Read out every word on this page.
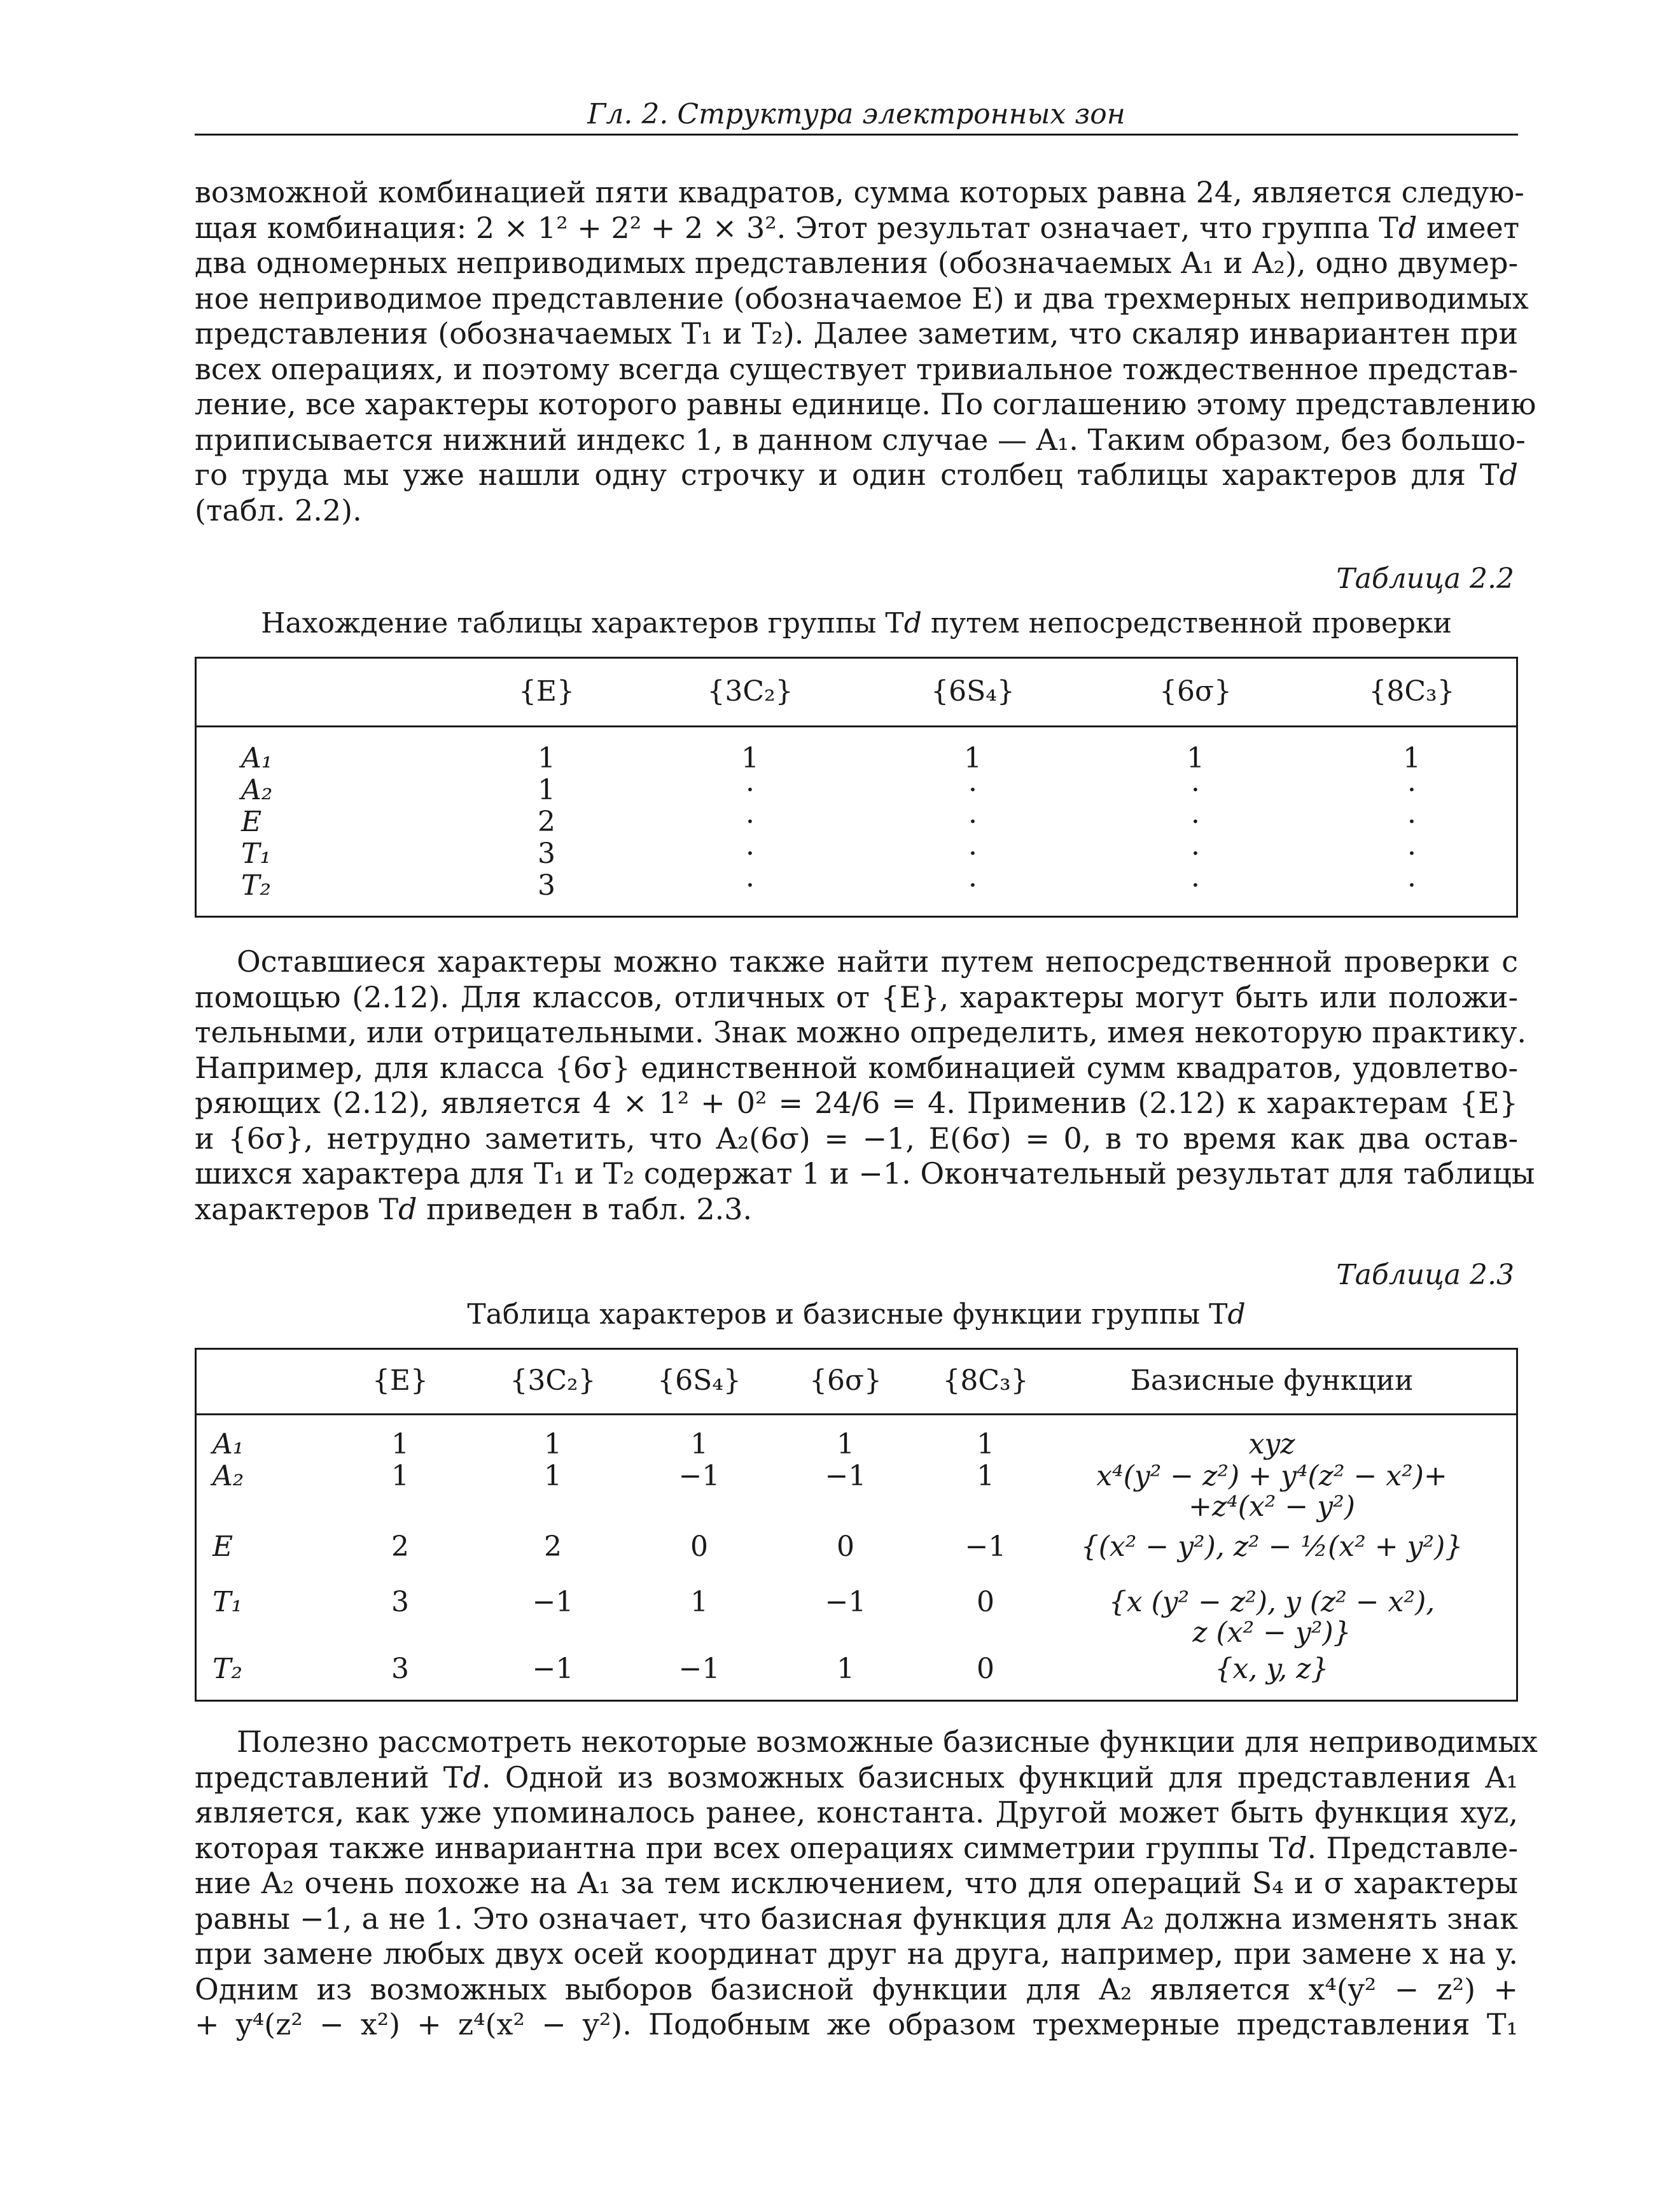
Гл. 2. Структура электронных зон
возможной комбинацией пяти квадратов, сумма которых равна 24, является следую-
щая комбинация: 2 × 1² + 2² + 2 × 3². Этот результат означает, что группа T𝑑 имеет
два одномерных неприводимых представления (обозначаемых A₁ и A₂), одно двумер-
ное неприводимое представление (обозначаемое E) и два трехмерных неприводимых
представления (обозначаемых T₁ и T₂). Далее заметим, что скаляр инвариантен при
всех операциях, и поэтому всегда существует тривиальное тождественное представ-
ление, все характеры которого равны единице. По соглашению этому представлению
приписывается нижний индекс 1, в данном случае — A₁. Таким образом, без большо-
го труда мы уже нашли одну строчку и один столбец таблицы характеров для T𝑑
(табл. 2.2).
Таблица 2.2
Нахождение таблицы характеров группы T𝑑 путем непосредственной проверки
{E}	{3C₂}	{6S₄}	{6σ}	{8C₃}
A₁	1	1	1	1	1
A₂	1	·	·	·	·
E	2	·	·	·	·
T₁	3	·	·	·	·
T₂	3	·	·	·	·
Оставшиеся характеры можно также найти путем непосредственной проверки с
помощью (2.12). Для классов, отличных от {E}, характеры могут быть или положи-
тельными, или отрицательными. Знак можно определить, имея некоторую практику.
Например, для класса {6σ} единственной комбинацией сумм квадратов, удовлетво-
ряющих (2.12), является 4 × 1² + 0² = 24/6 = 4. Применив (2.12) к характерам {E}
и {6σ}, нетрудно заметить, что A₂(6σ) = −1, E(6σ) = 0, в то время как два остав-
шихся характера для T₁ и T₂ содержат 1 и −1. Окончательный результат для таблицы
характеров T𝑑 приведен в табл. 2.3.
Таблица 2.3
Таблица характеров и базисные функции группы T𝑑
{E}	{3C₂}	{6S₄}	{6σ}	{8C₃}	Базисные функции
A₁	1	1	1	1	1	xyz
A₂	1	1	−1	−1	1	x⁴(y² − z²) + y⁴(z² − x²)+
+z⁴(x² − y²)
E	2	2	0	0	−1	{(x² − y²), z² − ½(x² + y²)}
T₁	3	−1	1	−1	0	{x (y² − z²), y (z² − x²),
z (x² − y²)}
T₂	3	−1	−1	1	0	{x, y, z}
Полезно рассмотреть некоторые возможные базисные функции для неприводимых
представлений T𝑑. Одной из возможных базисных функций для представления A₁
является, как уже упоминалось ранее, константа. Другой может быть функция xyz,
которая также инвариантна при всех операциях симметрии группы T𝑑. Представле-
ние A₂ очень похоже на A₁ за тем исключением, что для операций S₄ и σ характеры
равны −1, а не 1. Это означает, что базисная функция для A₂ должна изменять знак
при замене любых двух осей координат друг на друга, например, при замене x на y.
Одним из возможных выборов базисной функции для A₂ является x⁴(y² − z²) +
+ y⁴(z² − x²) + z⁴(x² − y²). Подобным же образом трехмерные представления T₁
